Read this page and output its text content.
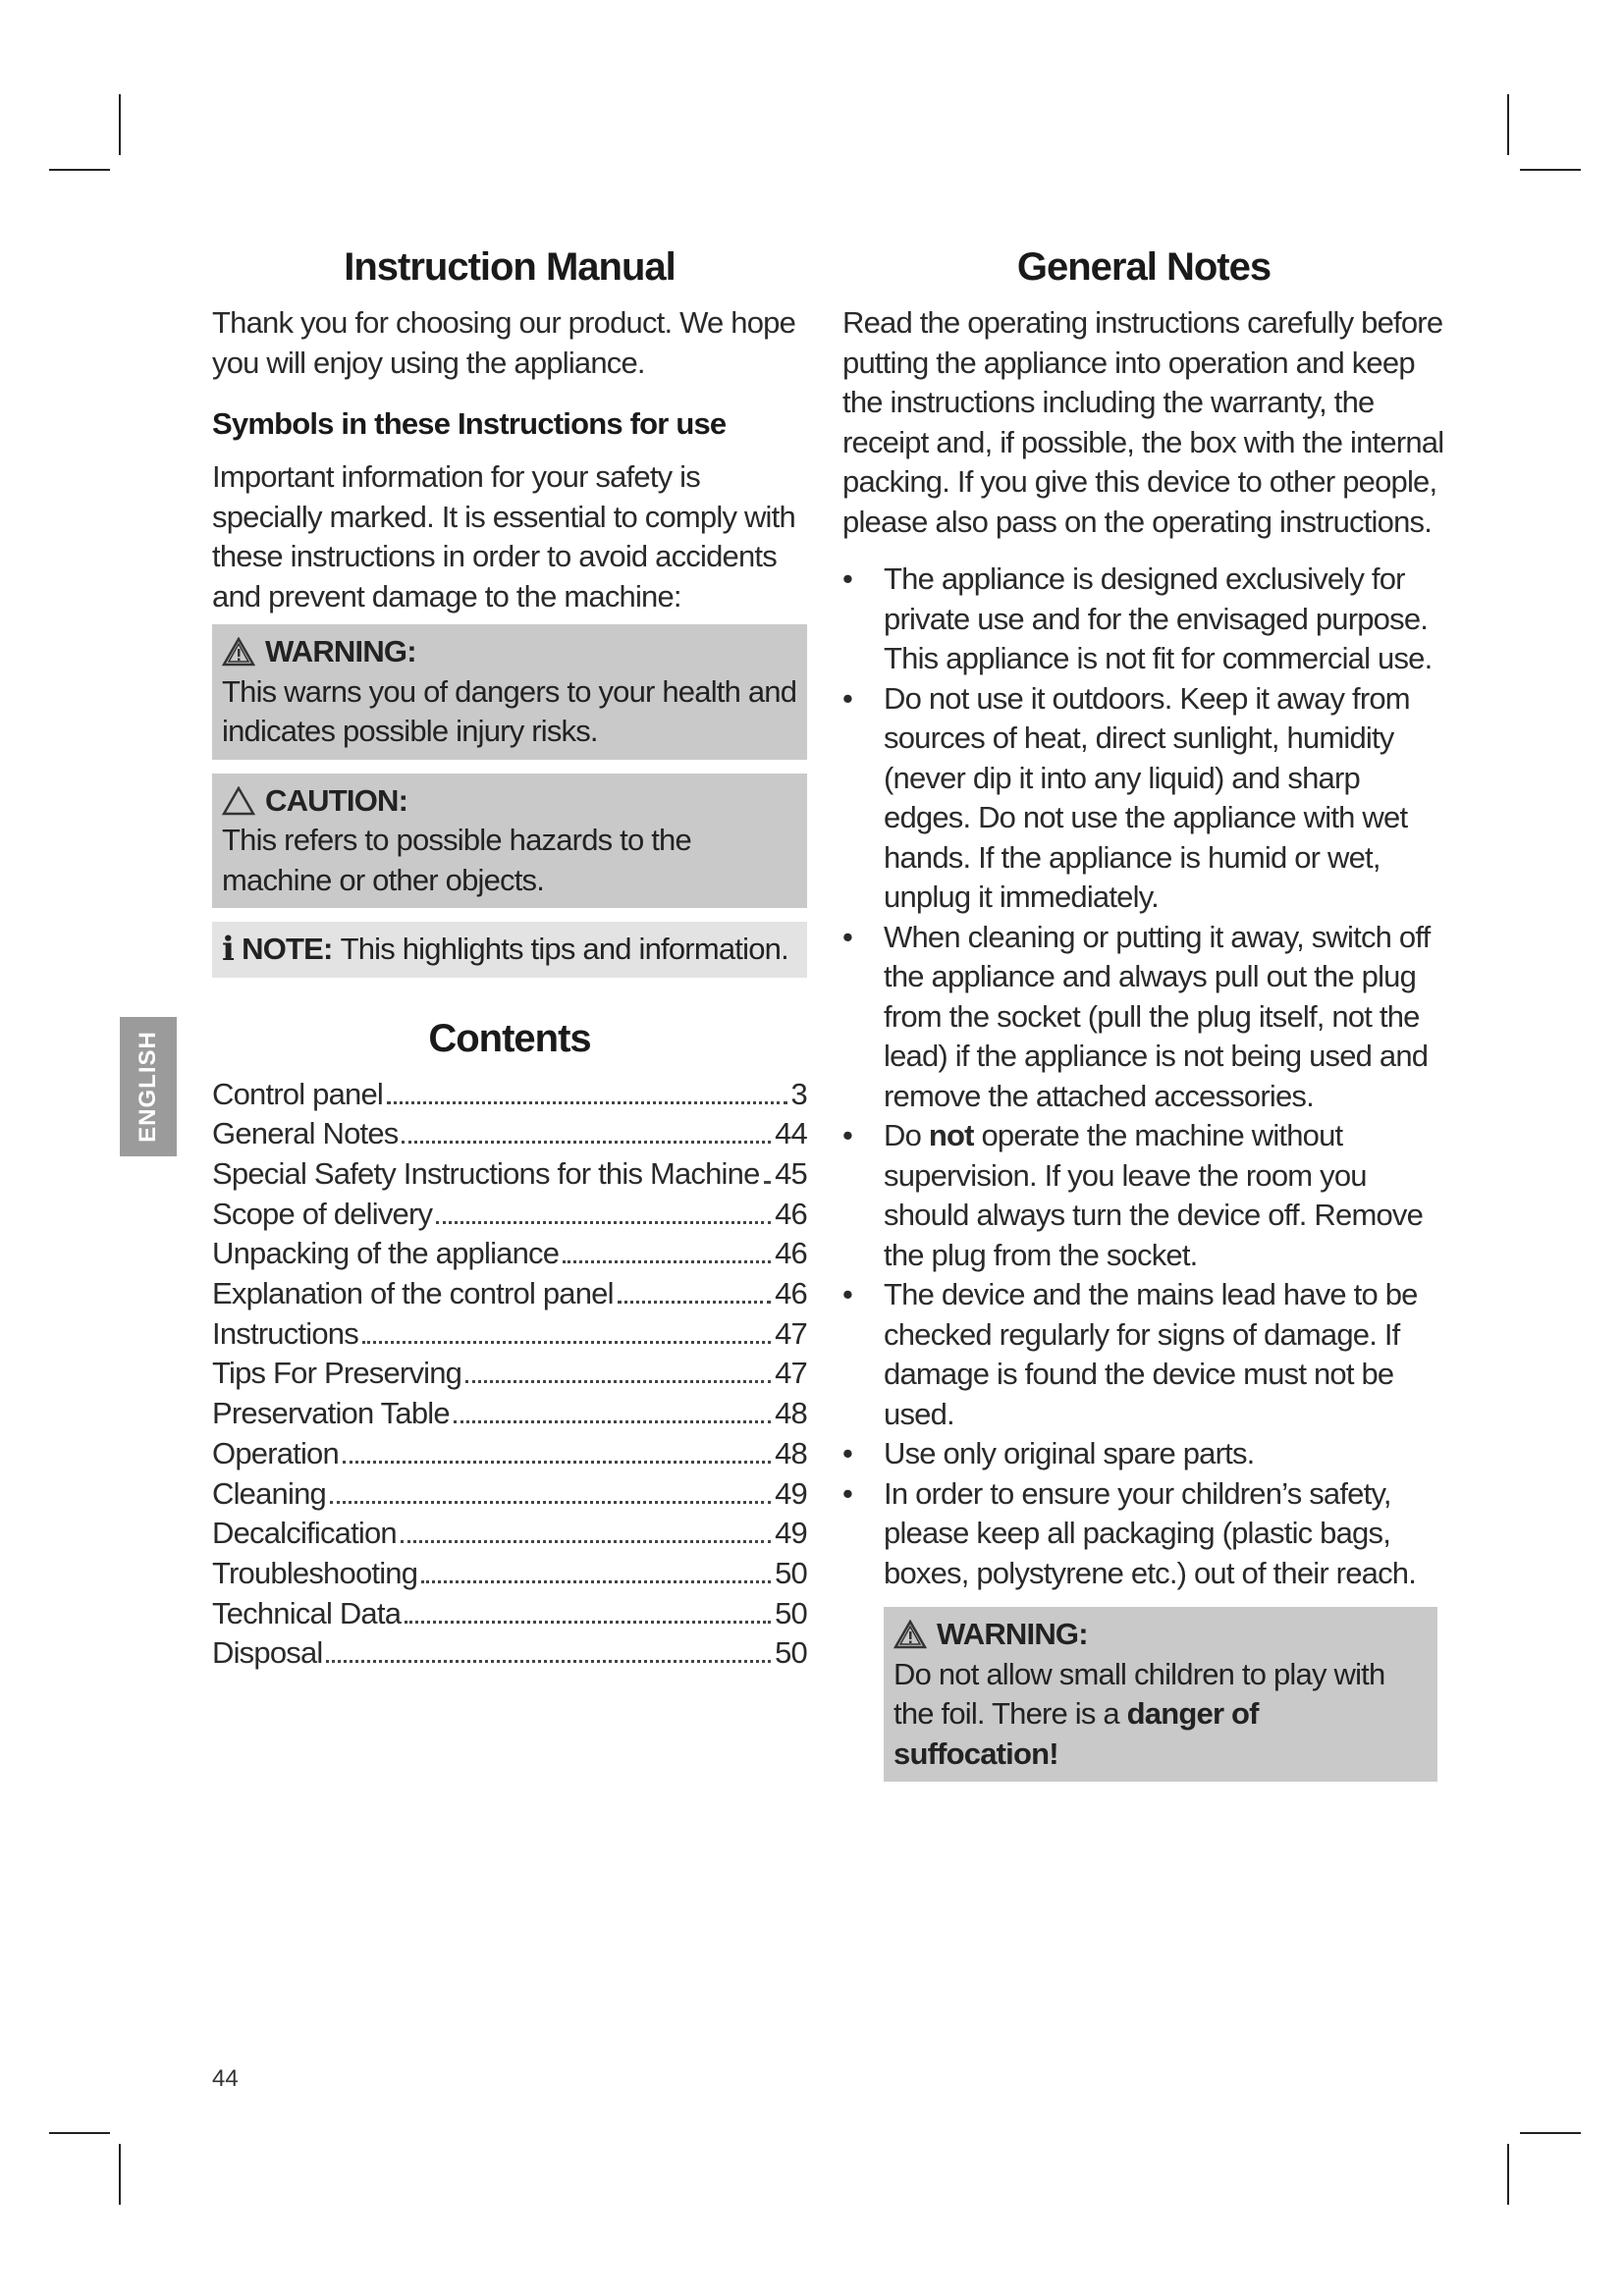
ENGLISH
Instruction Manual

Thank you for choosing our product. We hope you will enjoy using the appliance.

Symbols in these Instructions for use

Important information for your safety is specially marked. It is essential to comply with these instructions in order to avoid accidents and prevent damage to the machine:

WARNING:
This warns you of dangers to your health and indicates possible injury risks.
CAUTION:
This refers to possible hazards to the machine or other objects.
i NOTE: This highlights tips and information.
Contents
Control panel	3
General Notes	44
Special Safety Instructions for this Machine 45
Scope of delivery	46
Unpacking of the appliance	46
Explanation of the control panel	46
Instructions	47
Tips For Preserving	47
Preservation Table	48
Operation	48
Cleaning	49
Decalcification	49
Troubleshooting	50
Technical Data	50
Disposal	50
General Notes

Read the operating instructions carefully before putting the appliance into operation and keep the instructions including the warranty, the receipt and, if possible, the box with the internal packing. If you give this device to other people, please also pass on the operating instructions.

• The appliance is designed exclusively for private use and for the envisaged purpose. This appliance is not fit for commercial use.
• Do not use it outdoors. Keep it away from sources of heat, direct sunlight, humidity (never dip it into any liquid) and sharp edges. Do not use the appliance with wet hands. If the appliance is humid or wet, unplug it immediately.
• When cleaning or putting it away, switch off the appliance and always pull out the plug from the socket (pull the plug itself, not the lead) if the appliance is not being used and remove the attached accessories.
• Do not operate the machine without supervision. If you leave the room you should always turn the device off. Remove the plug from the socket.
• The device and the mains lead have to be checked regularly for signs of damage. If damage is found the device must not be used.
• Use only original spare parts.
• In order to ensure your children’s safety, please keep all packaging (plastic bags, boxes, polystyrene etc.) out of their reach.
WARNING:
Do not allow small children to play with the foil. There is a danger of suffocation!
44
